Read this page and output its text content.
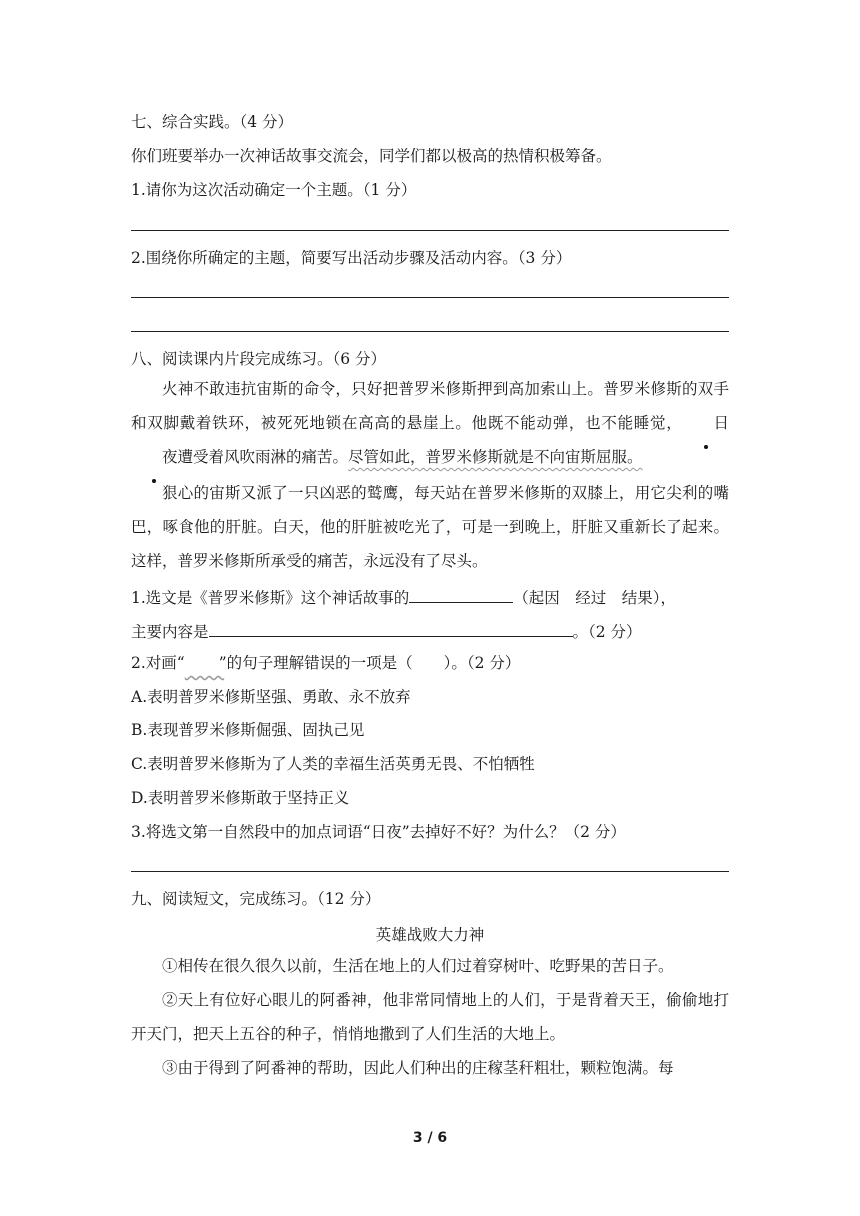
七、综合实践。（4 分）
你们班要举办一次神话故事交流会，同学们都以极高的热情积极筹备。
1.请你为这次活动确定一个主题。（1 分）
2.围绕你所确定的主题，简要写出活动步骤及活动内容。（3 分）
八、阅读课内片段完成练习。（6 分）
火神不敢违抗宙斯的命令，只好把普罗米修斯押到高加索山上。普罗米修斯的双手和双脚戴着铁环，被死死地锁在高高的悬崖上。他既不能动弹，也不能睡觉， 日夜遭受着风吹雨淋的痛苦。尽管如此，普罗米修斯就是不向宙斯屈服。
狠心的宙斯又派了一只凶恶的鹫鹰，每天站在普罗米修斯的双膝上，用它尖利的嘴巴，啄食他的肝脏。白天，他的肝脏被吃光了，可是一到晚上，肝脏又重新长了起来。这样，普罗米修斯所承受的痛苦，永远没有了尽头。
1.选文是《普罗米修斯》这个神话故事的	（起因　经过　结果），
主要内容是	。（2 分）
2.对画“ ”的句子理解错误的一项是（　　）。（2 分）
A.表明普罗米修斯坚强、勇敢、永不放弃
B.表现普罗米修斯倔强、固执己见
C.表明普罗米修斯为了人类的幸福生活英勇无畏、不怕牺牲
D.表明普罗米修斯敢于坚持正义
3.将选文第一自然段中的加点词语“日夜”去掉好不好？为什么？（2 分）
九、阅读短文，完成练习。（12 分）
英雄战败大力神
①相传在很久很久以前，生活在地上的人们过着穿树叶、吃野果的苦日子。
②天上有位好心眼儿的阿番神，他非常同情地上的人们，于是背着天王，偷偷地打开天门，把天上五谷的种子，悄悄地撒到了人们生活的大地上。
③由于得到了阿番神的帮助，因此人们种出的庄稼茎秆粗壮，颗粒饱满。每
3 / 6
